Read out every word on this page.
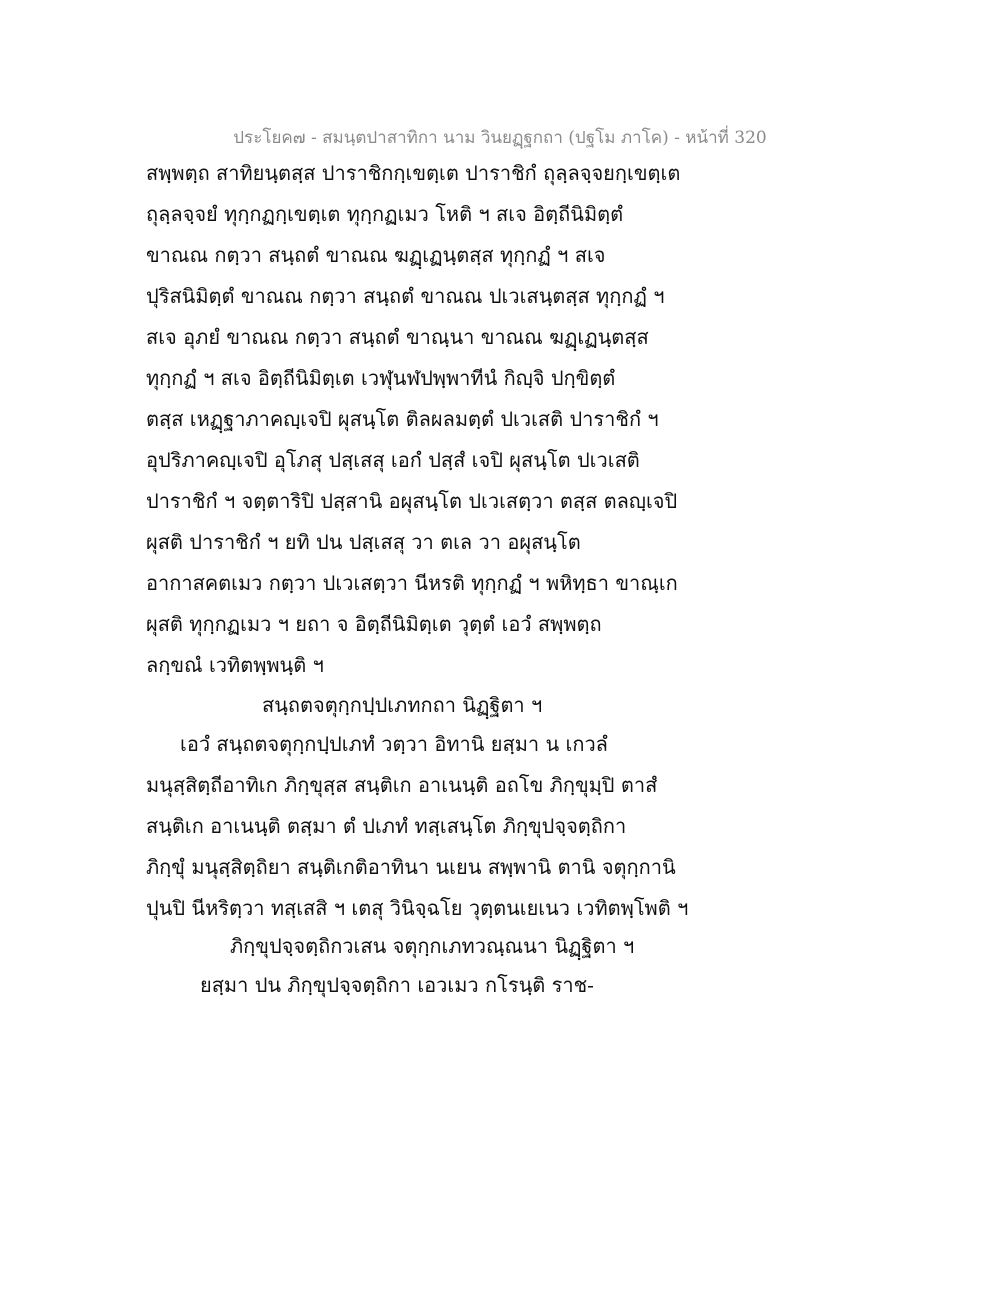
ประโยค๗ - สมนฺตปาสาทิกา นาม วินยฏฺฐกถา (ปฐโม ภาโค) - หน้าที่ 320
สพฺพตฺถ สาทิยนฺตสฺส ปาราชิกกฺเขตฺเต ปาราชิกํ ถุลฺลจฺจยกฺเขตฺเต
ถุลฺลจฺจยํ ทุกฺกฏกฺเขตฺเต ทุกฺกฏเมว โหติ ฯ สเจ อิตฺถีนิมิตฺตํ
ขาณณ กตฺวา สนฺถตํ ขาณณ ฆฏฺเฏนฺตสฺส ทุกฺกฏํ ฯ สเจ
ปุริสนิมิตฺตํ ขาณณ กตฺวา สนฺถตํ ขาณณ ปเวเสนฺตสฺส ทุกฺกฏํ ฯ
สเจ อุภยํ ขาณณ กตฺวา สนฺถตํ ขาณฺนา ขาณณ ฆฏฺเฏนฺตสฺส
ทุกฺกฏํ ฯ สเจ อิตฺถีนิมิตฺเต เวฬุนฬปพฺพาทีนํ กิญฺจิ ปกฺขิตฺตํ
ตสฺส เหฏฺฐาภาคญฺเจปิ ผุสนฺโต ติลผลมตฺตํ ปเวเสติ ปาราชิกํ ฯ
อุปริภาคญฺเจปิ อุโภสุ ปสฺเสสุ เอกํ ปสฺสํ เจปิ ผุสนฺโต ปเวเสติ
ปาราชิกํ ฯ จตฺตาริปิ ปสฺสานิ อผุสนฺโต ปเวเสตฺวา ตสฺส ตลญฺเจปิ
ผุสติ ปาราชิกํ ฯ ยทิ ปน ปสฺเสสุ วา ตเล วา อผุสนฺโต
อากาสคตเมว กตฺวา ปเวเสตฺวา นีหรติ ทุกฺกฏํ ฯ พหิทฺธา ขาณฺเก
ผุสติ ทุกฺกฏเมว ฯ ยถา จ อิตฺถีนิมิตฺเต วุตฺตํ เอวํ สพฺพตฺถ
ลกฺขณํ เวทิตพฺพนฺติ ฯ
สนฺถตจตุกฺกปฺปเภทกถา นิฏฺฐิตา ฯ
เอวํ สนฺถตจตุกฺกปฺปเภทํ วตฺวา อิทานิ ยสฺมา น เกวลํ
มนุสฺสิตฺถีอาทิเก ภิกฺขุสฺส สนฺติเก อาเนนฺติ อถโข ภิกฺขุมฺปิ ตาสํ
สนฺติเก อาเนนฺติ ตสฺมา ตํ ปเภทํ ทสฺเสนฺโต ภิกฺขุปจฺจตฺถิกา
ภิกฺขุํ มนุสฺสิตฺถิยา สนฺติเกติอาทินา นเยน สพฺพานิ ตานิ จตุกฺกานิ
ปุนปิ นีหริตฺวา ทสฺเสสิ ฯ เตสุ วินิจฺฉโย วุตฺตนเยเนว เวทิตพฺโพติ ฯ
ภิกฺขุปจฺจตฺถิกวเสน จตุกฺกเภทวณฺณนา นิฏฺฐิตา ฯ
ยสฺมา ปน ภิกฺขุปจฺจตฺถิกา เอวเมว กโรนฺติ ราช-
